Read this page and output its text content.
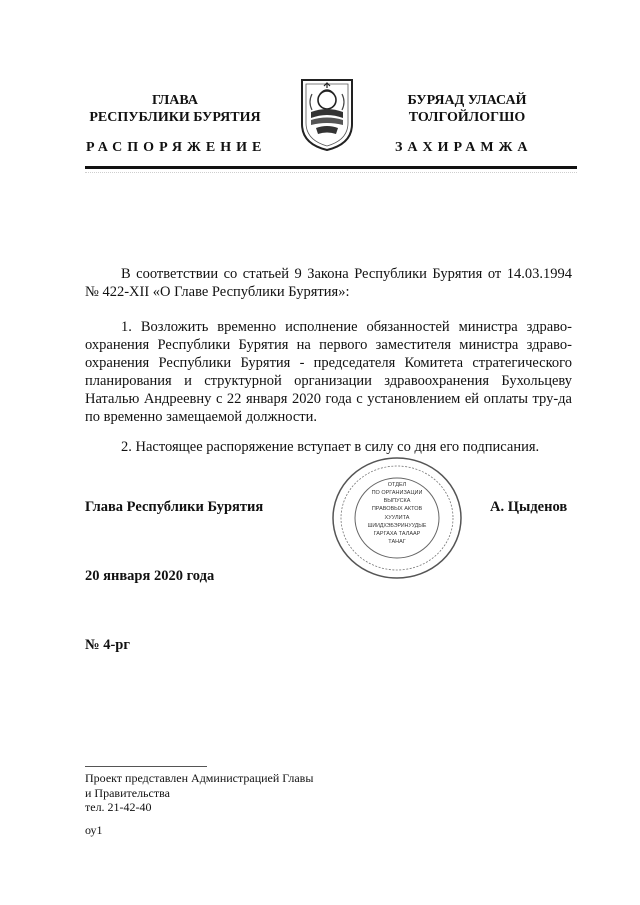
ГЛАВА
РЕСПУБЛИКИ БУРЯТИЯ
РАСПОРЯЖЕНИЕ
БУРЯАД УЛАСАЙ
ТОЛГОЙЛОГШО
ЗАХИРАМЖА
В соответствии со статьей 9 Закона Республики Бурятия от 14.03.1994 № 422-XII «О Главе Республики Бурятия»:
1. Возложить временно исполнение обязанностей министра здраво-охранения Республики Бурятия на первого заместителя министра здраво-охранения Республики Бурятия - председателя Комитета стратегического планирования и структурной организации здравоохранения Бухольцеву Наталью Андреевну с 22 января 2020 года с установлением ей оплаты тру-да по временно замещаемой должности.
2. Настоящее распоряжение вступает в силу со дня его подписания.
Глава Республики Бурятия
ОТДЕЛ
ПО ОРГАНИЗАЦИИ
ВЫПУСКА
ПРАВОВЫХ АКТОВ
ХУУЛИТА
ШИИДХЭБЭРИНУУДЫЕ
ГАРГАХА ТАЛААР
ТАНАГ
А. Цыденов
20 января 2020 года
№ 4-рг
Проект представлен Администрацией Главы
и Правительства
тел. 21-42-40
оу1
